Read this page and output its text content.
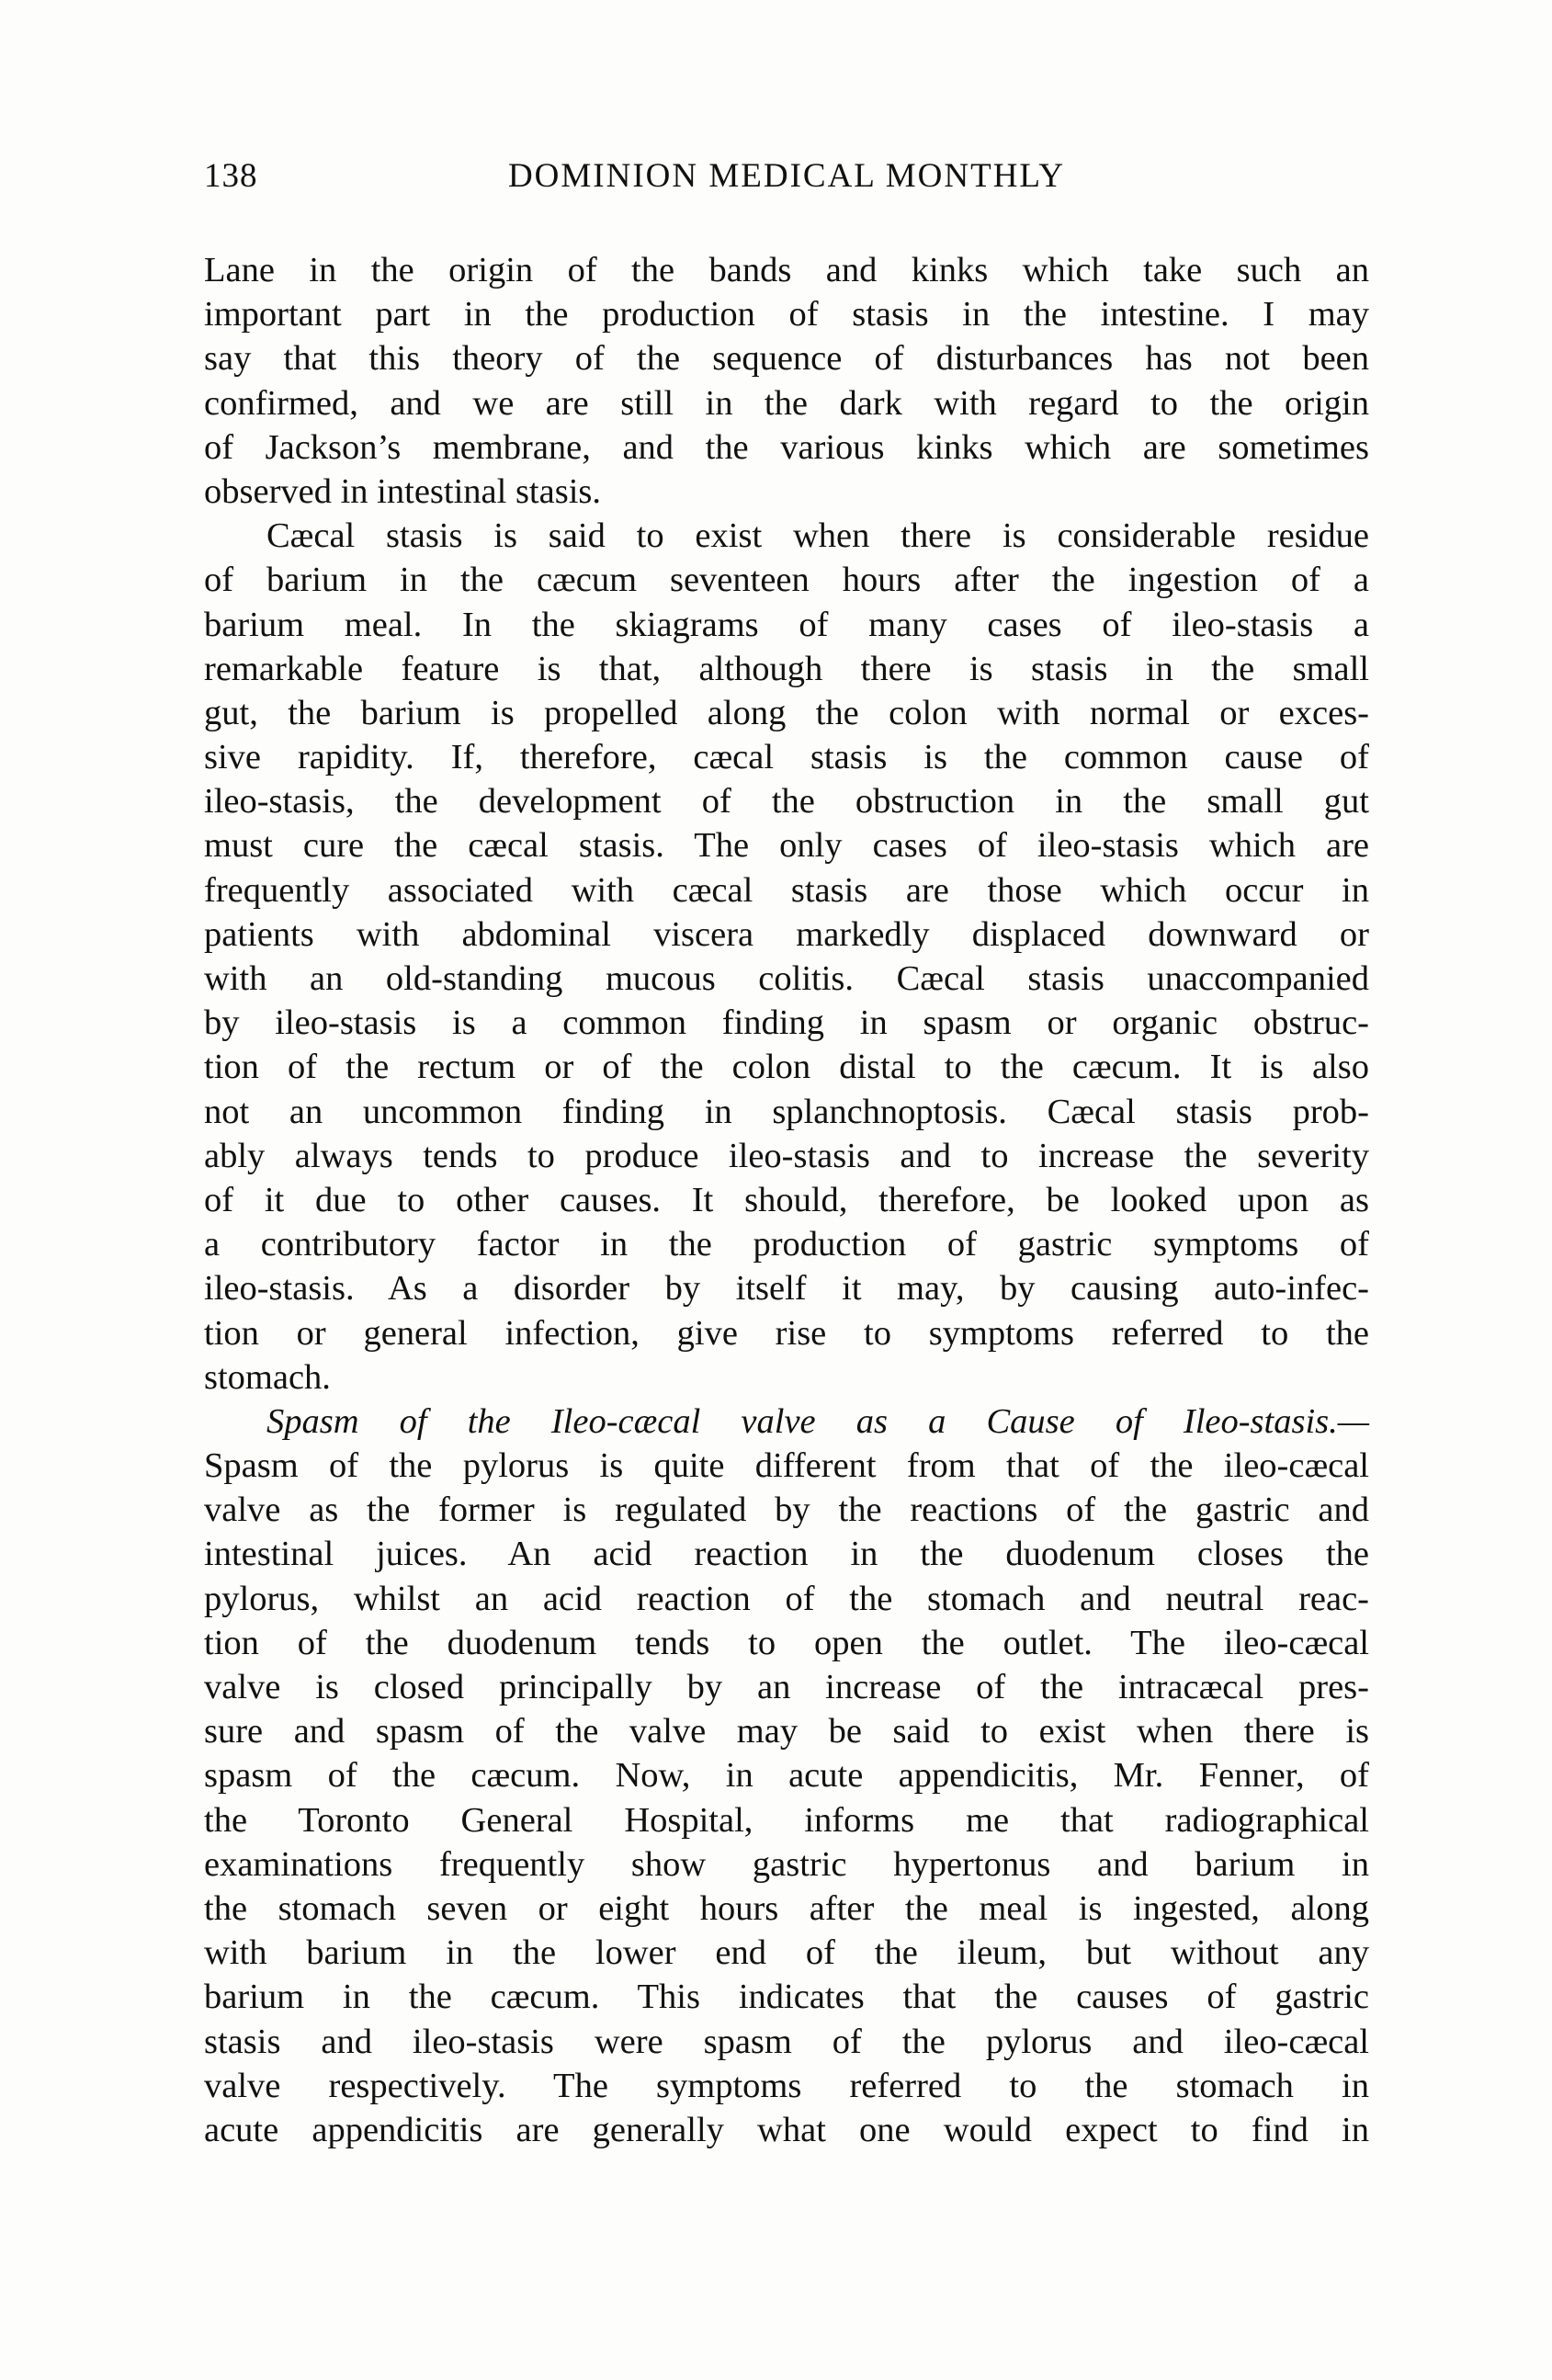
138	DOMINION MEDICAL MONTHLY
Lane in the origin of the bands and kinks which take such an
important part in the production of stasis in the intestine. I may
say that this theory of the sequence of disturbances has not been
confirmed, and we are still in the dark with regard to the origin
of Jackson’s membrane, and the various kinks which are sometimes
observed in intestinal stasis.
Cæcal stasis is said to exist when there is considerable residue
of barium in the cæcum seventeen hours after the ingestion of a
barium meal. In the skiagrams of many cases of ileo-stasis a
remarkable feature is that, although there is stasis in the small
gut, the barium is propelled along the colon with normal or exces-
sive rapidity. If, therefore, cæcal stasis is the common cause of
ileo-stasis, the development of the obstruction in the small gut
must cure the cæcal stasis. The only cases of ileo-stasis which are
frequently associated with cæcal stasis are those which occur in
patients with abdominal viscera markedly displaced downward or
with an old-standing mucous colitis. Cæcal stasis unaccompanied
by ileo-stasis is a common finding in spasm or organic obstruc-
tion of the rectum or of the colon distal to the cæcum. It is also
not an uncommon finding in splanchnoptosis. Cæcal stasis prob-
ably always tends to produce ileo-stasis and to increase the severity
of it due to other causes. It should, therefore, be looked upon as
a contributory factor in the production of gastric symptoms of
ileo-stasis. As a disorder by itself it may, by causing auto-infec-
tion or general infection, give rise to symptoms referred to the
stomach.
Spasm of the Ileo-cæcal valve as a Cause of Ileo-stasis.—
Spasm of the pylorus is quite different from that of the ileo-cæcal
valve as the former is regulated by the reactions of the gastric and
intestinal juices. An acid reaction in the duodenum closes the
pylorus, whilst an acid reaction of the stomach and neutral reac-
tion of the duodenum tends to open the outlet. The ileo-cæcal
valve is closed principally by an increase of the intracæcal pres-
sure and spasm of the valve may be said to exist when there is
spasm of the cæcum. Now, in acute appendicitis, Mr. Fenner, of
the Toronto General Hospital, informs me that radiographical
examinations frequently show gastric hypertonus and barium in
the stomach seven or eight hours after the meal is ingested, along
with barium in the lower end of the ileum, but without any
barium in the cæcum. This indicates that the causes of gastric
stasis and ileo-stasis were spasm of the pylorus and ileo-cæcal
valve respectively. The symptoms referred to the stomach in
acute appendicitis are generally what one would expect to find in
